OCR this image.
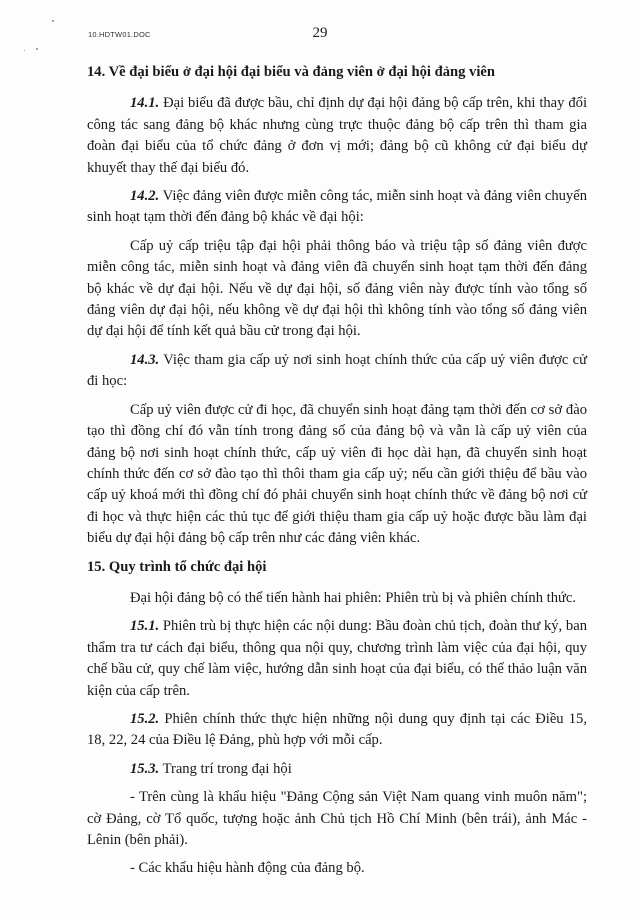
10.HDTW01.DOC	29

14. Về đại biểu ở đại hội đại biểu và đảng viên ở đại hội đảng viên

14.1. Đại biểu đã được bầu, chỉ định dự đại hội đảng bộ cấp trên, khi thay đổi công tác sang đảng bộ khác nhưng cùng trực thuộc đảng bộ cấp trên thì tham gia đoàn đại biểu của tổ chức đảng ở đơn vị mới; đảng bộ cũ không cử đại biểu dự khuyết thay thế đại biểu đó.

14.2. Việc đảng viên được miễn công tác, miễn sinh hoạt và đảng viên chuyển sinh hoạt tạm thời đến đảng bộ khác về đại hội:

Cấp uỷ cấp triệu tập đại hội phải thông báo và triệu tập số đảng viên được miễn công tác, miễn sinh hoạt và đảng viên đã chuyển sinh hoạt tạm thời đến đảng bộ khác về dự đại hội. Nếu về dự đại hội, số đảng viên này được tính vào tổng số đảng viên dự đại hội, nếu không về dự đại hội thì không tính vào tổng số đảng viên dự đại hội để tính kết quả bầu cử trong đại hội.

14.3. Việc tham gia cấp uỷ nơi sinh hoạt chính thức của cấp uỷ viên được cử đi học:

Cấp uỷ viên được cử đi học, đã chuyển sinh hoạt đảng tạm thời đến cơ sở đào tạo thì đồng chí đó vẫn tính trong đảng số của đảng bộ và vẫn là cấp uỷ viên của đảng bộ nơi sinh hoạt chính thức, cấp uỷ viên đi học dài hạn, đã chuyển sinh hoạt chính thức đến cơ sở đào tạo thì thôi tham gia cấp uỷ; nếu cần giới thiệu để bầu vào cấp uỷ khoá mới thì đồng chí đó phải chuyển sinh hoạt chính thức về đảng bộ nơi cử đi học và thực hiện các thủ tục để giới thiệu tham gia cấp uỷ hoặc được bầu làm đại biểu dự đại hội đảng bộ cấp trên như các đảng viên khác.

15. Quy trình tổ chức đại hội

Đại hội đảng bộ có thể tiến hành hai phiên: Phiên trù bị và phiên chính thức.

15.1. Phiên trù bị thực hiện các nội dung: Bầu đoàn chủ tịch, đoàn thư ký, ban thẩm tra tư cách đại biểu, thông qua nội quy, chương trình làm việc của đại hội, quy chế bầu cử, quy chế làm việc, hướng dẫn sinh hoạt của đại biểu, có thể thảo luận văn kiện của cấp trên.

15.2. Phiên chính thức thực hiện những nội dung quy định tại các Điều 15, 18, 22, 24 của Điều lệ Đảng, phù hợp với mỗi cấp.

15.3. Trang trí trong đại hội

- Trên cùng là khẩu hiệu "Đảng Cộng sản Việt Nam quang vinh muôn năm"; cờ Đảng, cờ Tổ quốc, tượng hoặc ảnh Chủ tịch Hồ Chí Minh (bên trái), ảnh Mác - Lênin (bên phải).

- Các khẩu hiệu hành động của đảng bộ.
